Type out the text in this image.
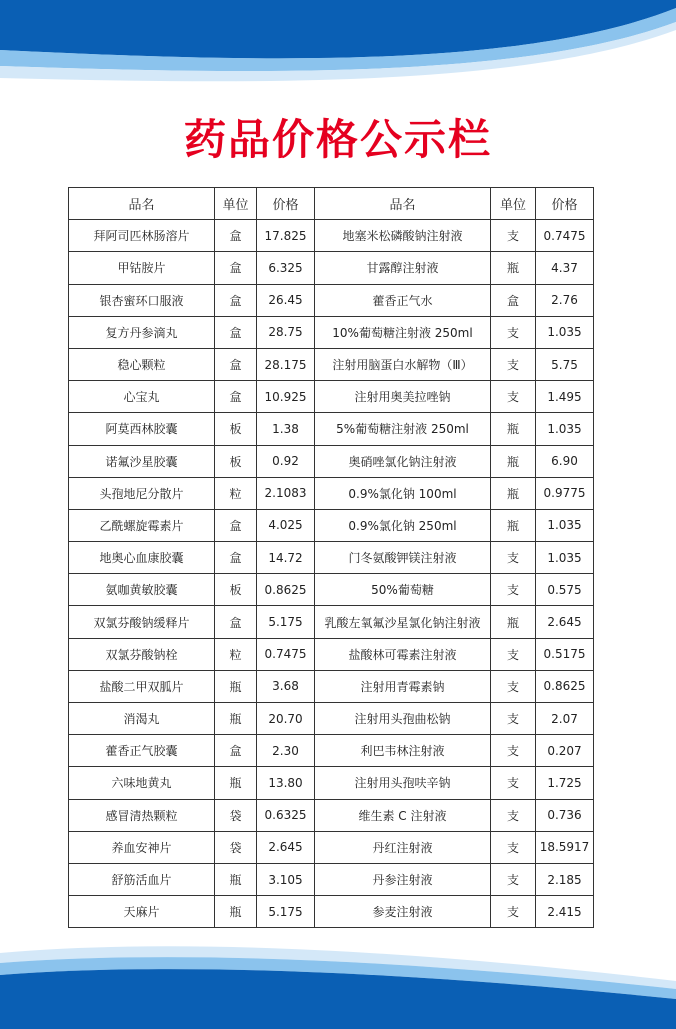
药品价格公示栏
品名	单位	价格	品名	单位	价格
拜阿司匹林肠溶片	盒	17.825	地塞米松磷酸钠注射液	支	0.7475
甲钴胺片	盒	6.325	甘露醇注射液	瓶	4.37
银杏蜜环口服液	盒	26.45	藿香正气水	盒	2.76
复方丹参滴丸	盒	28.75	10%葡萄糖注射液 250ml	支	1.035
稳心颗粒	盒	28.175	注射用脑蛋白水解物（Ⅲ）	支	5.75
心宝丸	盒	10.925	注射用奥美拉唑钠	支	1.495
阿莫西林胶囊	板	1.38	5%葡萄糖注射液 250ml	瓶	1.035
诺氟沙星胶囊	板	0.92	奥硝唑氯化钠注射液	瓶	6.90
头孢地尼分散片	粒	2.1083	0.9%氯化钠 100ml	瓶	0.9775
乙酰螺旋霉素片	盒	4.025	0.9%氯化钠 250ml	瓶	1.035
地奥心血康胶囊	盒	14.72	门冬氨酸钾镁注射液	支	1.035
氨咖黄敏胶囊	板	0.8625	50%葡萄糖	支	0.575
双氯芬酸钠缓释片	盒	5.175	乳酸左氧氟沙星氯化钠注射液	瓶	2.645
双氯芬酸钠栓	粒	0.7475	盐酸林可霉素注射液	支	0.5175
盐酸二甲双胍片	瓶	3.68	注射用青霉素钠	支	0.8625
消渴丸	瓶	20.70	注射用头孢曲松钠	支	2.07
藿香正气胶囊	盒	2.30	利巴韦林注射液	支	0.207
六味地黄丸	瓶	13.80	注射用头孢呋辛钠	支	1.725
感冒清热颗粒	袋	0.6325	维生素 C 注射液	支	0.736
养血安神片	袋	2.645	丹红注射液	支	18.5917
舒筋活血片	瓶	3.105	丹参注射液	支	2.185
天麻片	瓶	5.175	参麦注射液	支	2.415
